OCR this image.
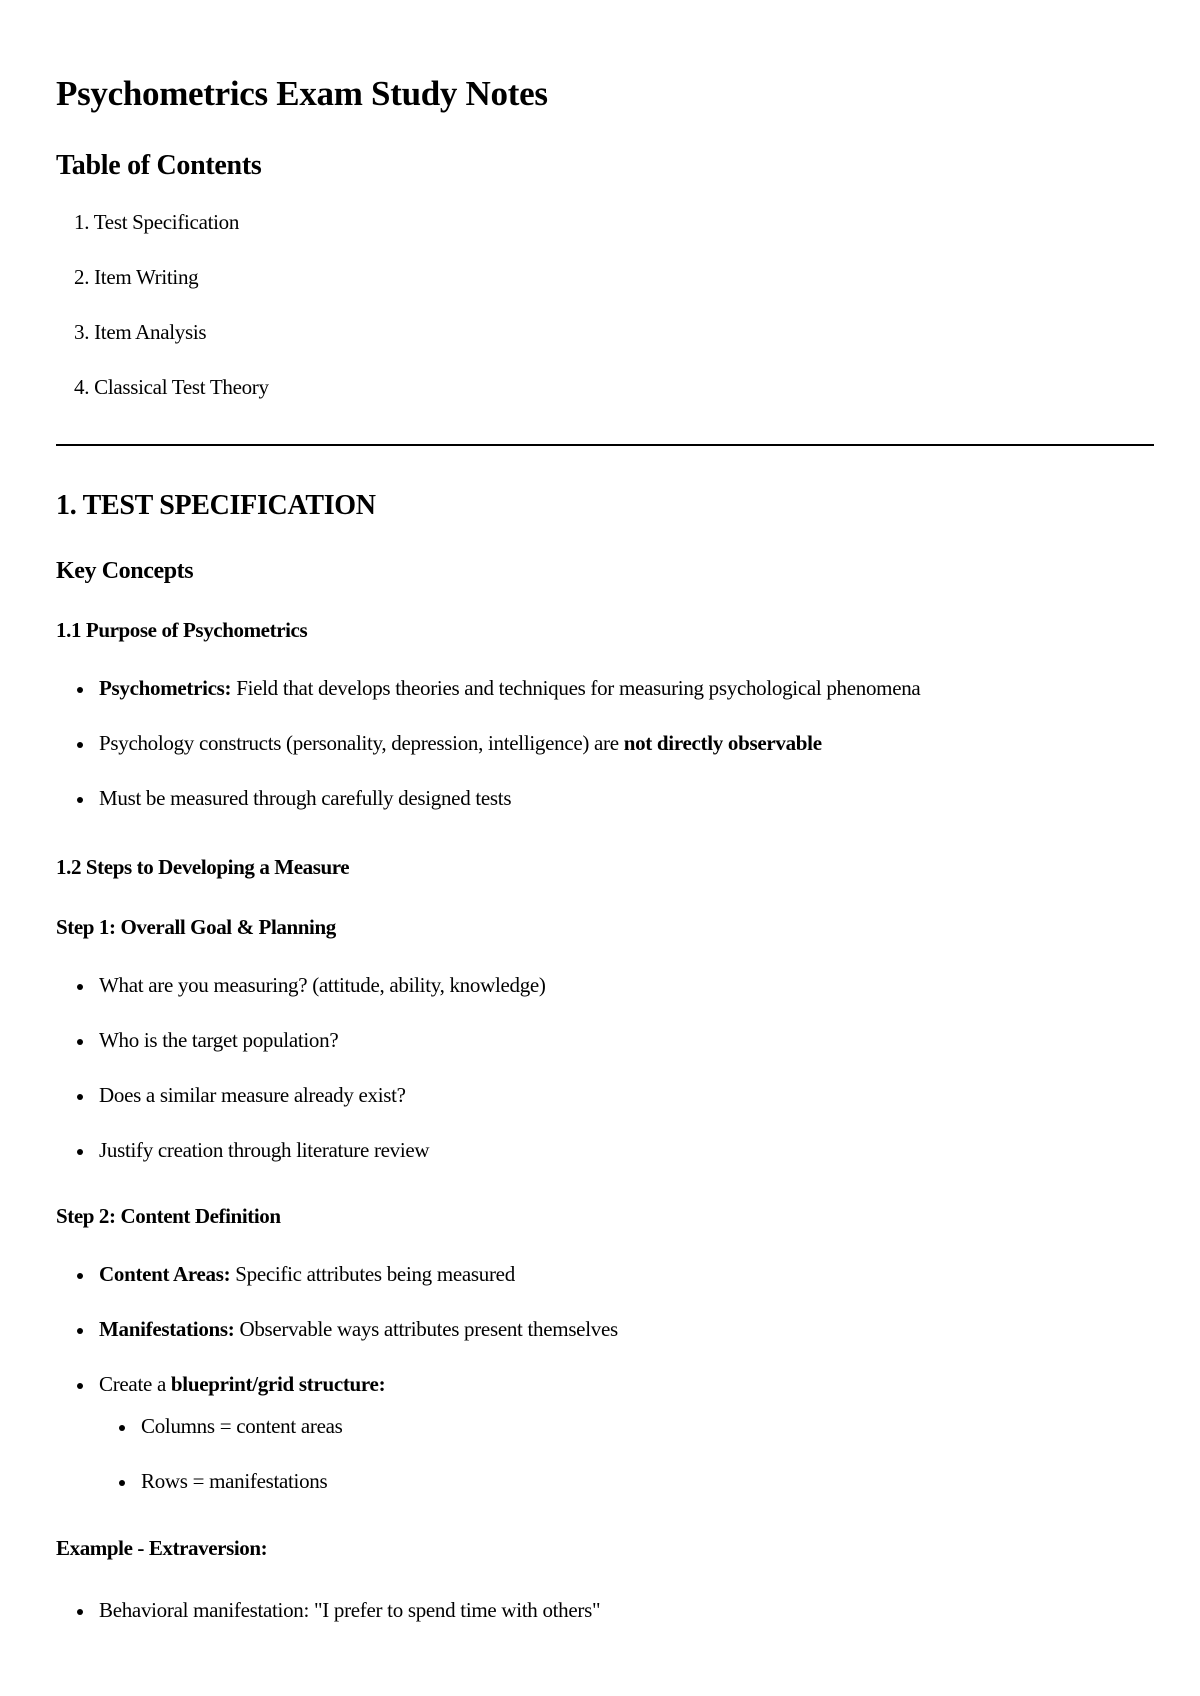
Psychometrics Exam Study Notes
Table of Contents
1. Test Specification
2. Item Writing
3. Item Analysis
4. Classical Test Theory
1. TEST SPECIFICATION
Key Concepts
1.1 Purpose of Psychometrics
Psychometrics: Field that develops theories and techniques for measuring psychological phenomena
Psychology constructs (personality, depression, intelligence) are not directly observable
Must be measured through carefully designed tests
1.2 Steps to Developing a Measure
Step 1: Overall Goal & Planning
What are you measuring? (attitude, ability, knowledge)
Who is the target population?
Does a similar measure already exist?
Justify creation through literature review
Step 2: Content Definition
Content Areas: Specific attributes being measured
Manifestations: Observable ways attributes present themselves
Create a blueprint/grid structure:
Columns = content areas
Rows = manifestations
Example - Extraversion:
Behavioral manifestation: "I prefer to spend time with others"
